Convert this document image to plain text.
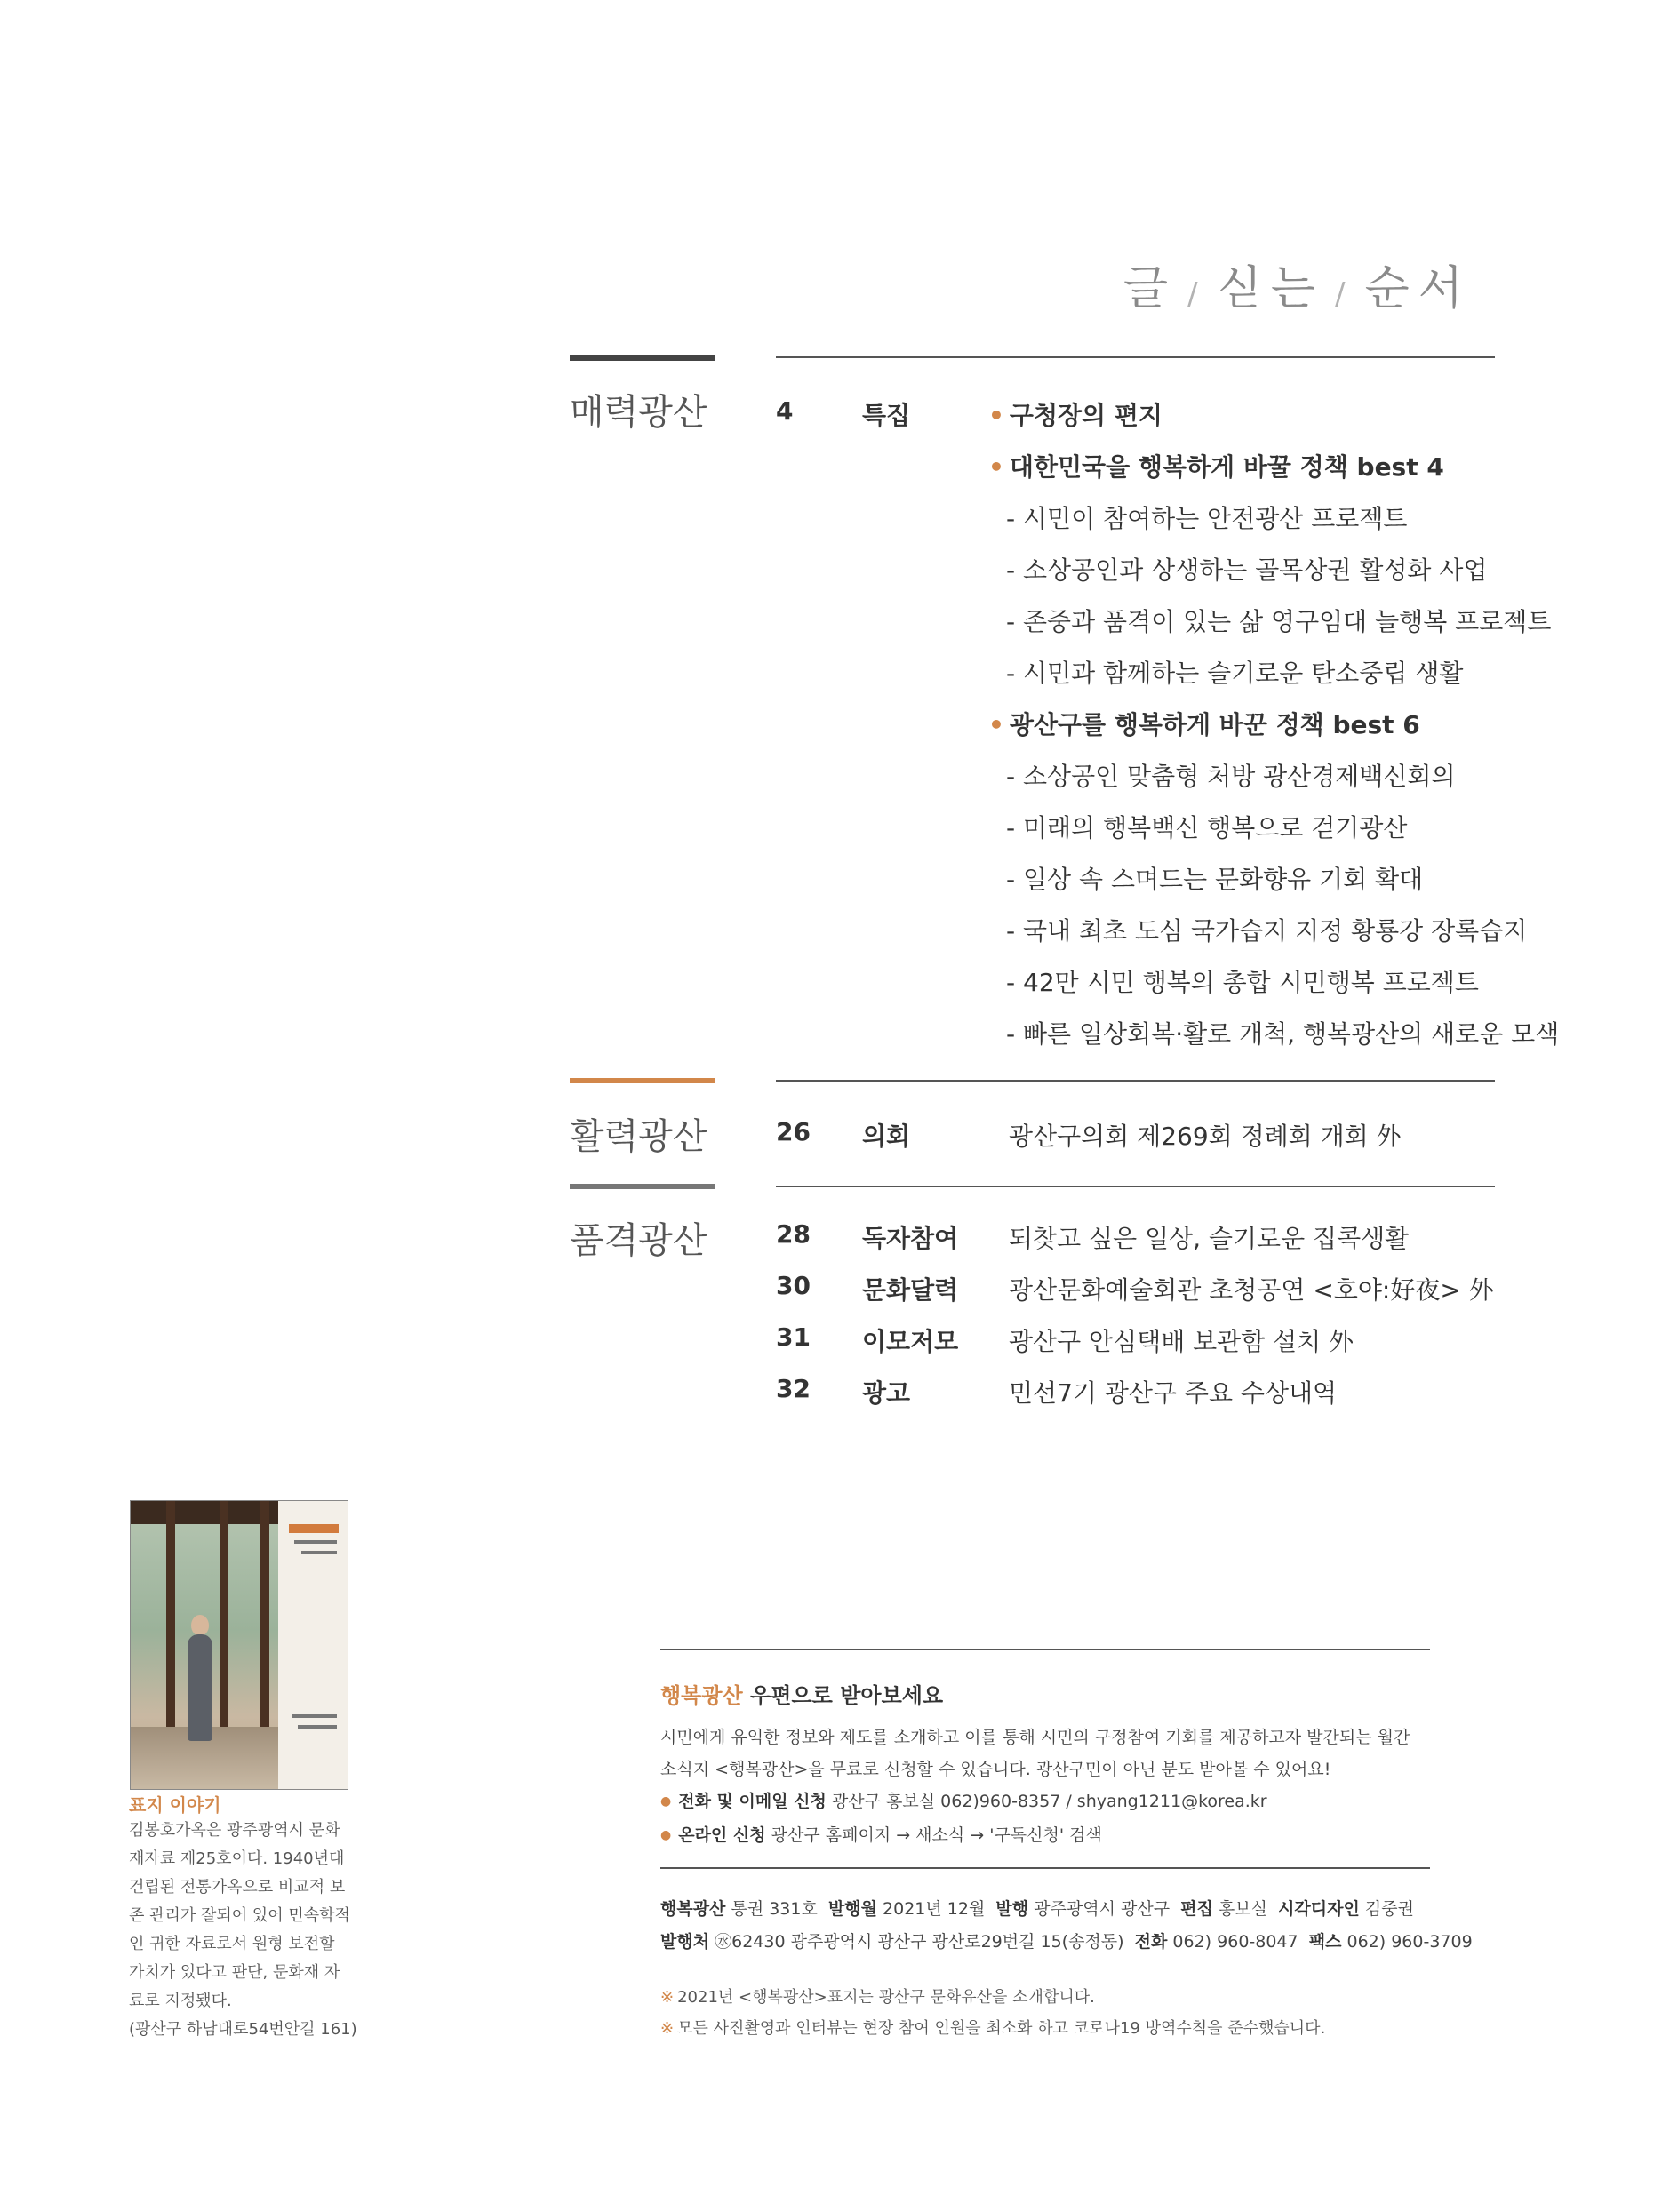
글 / 싣는 / 순서
매력광산	4	특집
•	구청장의 편지
• 대한민국을 행복하게 바꿀 정책 best 4
- 시민이 참여하는 안전광산 프로젝트
- 소상공인과 상생하는 골목상권 활성화 사업
- 존중과 품격이 있는 삶 영구임대 늘행복 프로젝트
- 시민과 함께하는 슬기로운 탄소중립 생활
• 광산구를 행복하게 바꾼 정책 best 6
- 소상공인 맞춤형 처방 광산경제백신회의
- 미래의 행복백신 행복으로 걷기광산
- 일상 속 스며드는 문화향유 기회 확대
- 국내 최초 도심 국가습지 지정 황룡강 장록습지
- 42만 시민 행복의 총합 시민행복 프로젝트
- 빠른 일상회복·활로 개척, 행복광산의 새로운 모색
활력광산	26 의회	광산구의회 제269회 정례회 개회 外
품격광산	28 독자참여 되찾고 싶은 일상, 슬기로운 집콕생활
30 문화달력 광산문화예술회관 초청공연 <호야:好夜> 外
31 이모저모 광산구 안심택배 보관함 설치 外
32 광고	민선7기 광산구 주요 수상내역
표지 이야기
김봉호가옥은 광주광역시 문화
재자료 제25호이다. 1940년대
건립된 전통가옥으로 비교적 보
존 관리가 잘되어 있어 민속학적
인 귀한 자료로서 원형 보전할
가치가 있다고 판단, 문화재 자
료로 지정됐다.
(광산구 하남대로54번안길 161)
행복광산 우편으로 받아보세요
시민에게 유익한 정보와 제도를 소개하고 이를 통해 시민의 구정참여 기회를 제공하고자 발간되는 월간
소식지 <행복광산>을 무료로 신청할 수 있습니다. 광산구민이 아닌 분도 받아볼 수 있어요!
● 전화 및 이메일 신청 광산구 홍보실 062)960-8357 / shyang1211@korea.kr
● 온라인 신청 광산구 홈페이지 → 새소식 → '구독신청' 검색
행복광산 통권 331호 발행월 2021년 12월 발행 광주광역시 광산구 편집 홍보실 시각디자인 김중권
발행처 ㊌62430 광주광역시 광산구 광산로29번길 15(송정동) 전화 062) 960-8047 팩스 062) 960-3709
※ 2021년 <행복광산>표지는 광산구 문화유산을 소개합니다.
※ 모든 사진촬영과 인터뷰는 현장 참여 인원을 최소화 하고 코로나19 방역수칙을 준수했습니다.
